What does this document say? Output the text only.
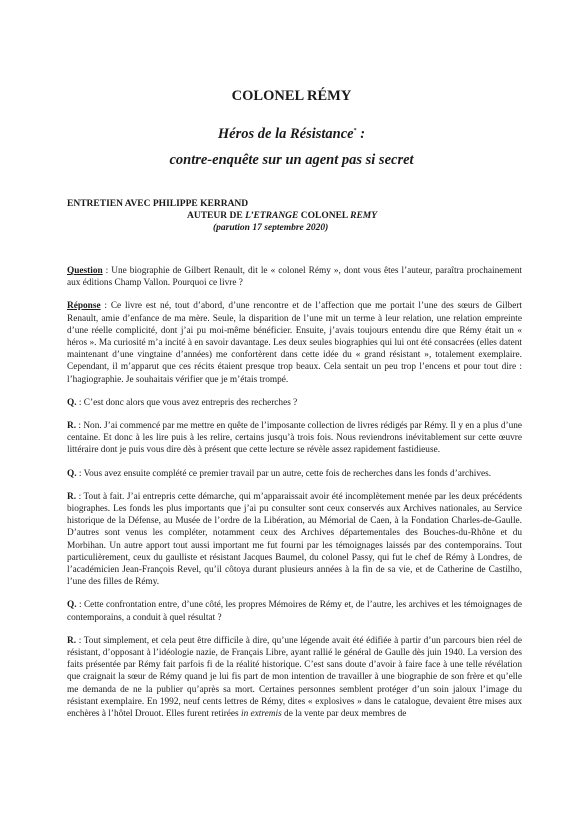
COLONEL RÉMY
Héros de la Résistance* :
contre-enquête sur un agent pas si secret
ENTRETIEN AVEC PHILIPPE KERRAND
AUTEUR DE L’ETRANGE COLONEL REMY
(parution 17 septembre 2020)

Question : Une biographie de Gilbert Renault, dit le « colonel Rémy », dont vous êtes l’auteur, paraîtra prochainement aux éditions Champ Vallon. Pourquoi ce livre ?

Réponse : Ce livre est né, tout d’abord, d’une rencontre et de l’affection que me portait l’une des sœurs de Gilbert Renault, amie d’enfance de ma mère. Seule, la disparition de l’une mit un terme à leur relation, une relation empreinte d’une réelle complicité, dont j’ai pu moi-même bénéficier. Ensuite, j’avais toujours entendu dire que Rémy était un « héros ». Ma curiosité m’a incité à en savoir davantage. Les deux seules biographies qui lui ont été consacrées (elles datent maintenant d’une vingtaine d’années) me confortèrent dans cette idée du « grand résistant », totalement exemplaire. Cependant, il m’apparut que ces récits étaient presque trop beaux. Cela sentait un peu trop l’encens et pour tout dire : l’hagiographie. Je souhaitais vérifier que je m’étais trompé.

Q. : C’est donc alors que vous avez entrepris des recherches ?

R. : Non. J’ai commencé par me mettre en quête de l’imposante collection de livres rédigés par Rémy. Il y en a plus d’une centaine. Et donc à les lire puis à les relire, certains jusqu’à trois fois. Nous reviendrons inévitablement sur cette œuvre littéraire dont je puis vous dire dès à présent que cette lecture se révèle assez rapidement fastidieuse.

Q. : Vous avez ensuite complété ce premier travail par un autre, cette fois de recherches dans les fonds d’archives.

R. : Tout à fait. J’ai entrepris cette démarche, qui m’apparaissait avoir été incomplètement menée par les deux précédents biographes. Les fonds les plus importants que j’ai pu consulter sont ceux conservés aux Archives nationales, au Service historique de la Défense, au Musée de l’ordre de la Libération, au Mémorial de Caen, à la Fondation Charles-de-Gaulle. D’autres sont venus les compléter, notamment ceux des Archives départementales des Bouches-du-Rhône et du Morbihan. Un autre apport tout aussi important me fut fourni par les témoignages laissés par des contemporains. Tout particulièrement, ceux du gaulliste et résistant Jacques Baumel, du colonel Passy, qui fut le chef de Rémy à Londres, de l’académicien Jean-François Revel, qu’il côtoya durant plusieurs années à la fin de sa vie, et de Catherine de Castilho, l’une des filles de Rémy.

Q. : Cette confrontation entre, d’une côté, les propres Mémoires de Rémy et, de l’autre, les archives et les témoignages de contemporains, a conduit à quel résultat ?

R. : Tout simplement, et cela peut être difficile à dire, qu’une légende avait été édifiée à partir d’un parcours bien réel de résistant, d’opposant à l’idéologie nazie, de Français Libre, ayant rallié le général de Gaulle dès juin 1940. La version des faits présentée par Rémy fait parfois fi de la réalité historique. C’est sans doute d’avoir à faire face à une telle révélation que craignait la sœur de Rémy quand je lui fis part de mon intention de travailler à une biographie de son frère et qu’elle me demanda de ne la publier qu’après sa mort. Certaines personnes semblent protéger d’un soin jaloux l’image du résistant exemplaire. En 1992, neuf cents lettres de Rémy, dites « explosives » dans le catalogue, devaient être mises aux enchères à l’hôtel Drouot. Elles furent retirées in extremis de la vente par deux membres de
